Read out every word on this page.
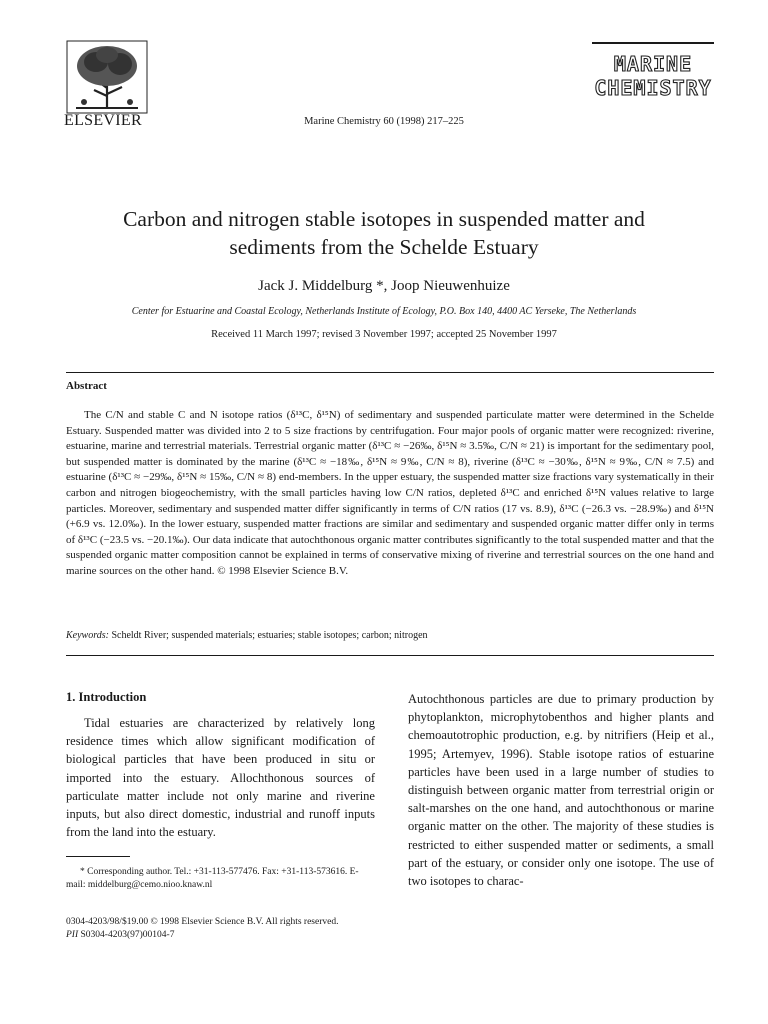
ELSEVIER	Marine Chemistry 60 (1998) 217–225
MARINE
CHEMISTRY
Carbon and nitrogen stable isotopes in suspended matter and
sediments from the Schelde Estuary
Jack J. Middelburg *, Joop Nieuwenhuize
Center for Estuarine and Coastal Ecology, Netherlands Institute of Ecology, P.O. Box 140, 4400 AC Yerseke, The Netherlands
Received 11 March 1997; revised 3 November 1997; accepted 25 November 1997
Abstract

The C/N and stable C and N isotope ratios (δ¹³C, δ¹⁵N) of sedimentary and suspended particulate matter were determined in the Schelde Estuary. Suspended matter was divided into 2 to 5 size fractions by centrifugation. Four major pools of organic matter were recognized: riverine, estuarine, marine and terrestrial materials. Terrestrial organic matter (δ¹³C ≈ −26‰, δ¹⁵N ≈ 3.5‰, C/N ≈ 21) is important for the sedimentary pool, but suspended matter is dominated by the marine (δ¹³C ≈ −18‰, δ¹⁵N ≈ 9‰, C/N ≈ 8), riverine (δ¹³C ≈ −30‰, δ¹⁵N ≈ 9‰, C/N ≈ 7.5) and estuarine (δ¹³C ≈ −29‰, δ¹⁵N ≈ 15‰, C/N ≈ 8) end-members. In the upper estuary, the suspended matter size fractions vary systematically in their carbon and nitrogen biogeochemistry, with the small particles having low C/N ratios, depleted δ¹³C and enriched δ¹⁵N values relative to large particles. Moreover, sedimentary and suspended matter differ significantly in terms of C/N ratios (17 vs. 8.9), δ¹³C (−26.3 vs. −28.9‰) and δ¹⁵N (+6.9 vs. 12.0‰). In the lower estuary, suspended matter fractions are similar and sedimentary and suspended organic matter differ only in terms of δ¹³C (−23.5 vs. −20.1‰). Our data indicate that autochthonous organic matter contributes significantly to the total suspended matter and that the suspended organic matter composition cannot be explained in terms of conservative mixing of riverine and terrestrial sources on the one hand and marine sources on the other hand. © 1998 Elsevier Science B.V.

Keywords: Scheldt River; suspended materials; estuaries; stable isotopes; carbon; nitrogen
1. Introduction

Tidal estuaries are characterized by relatively long residence times which allow significant modification of biological particles that have been produced in situ or imported into the estuary. Allochthonous sources of particulate matter include not only marine and riverine inputs, but also direct domestic, industrial and runoff inputs from the land into the estuary.

Autochthonous particles are due to primary production by phytoplankton, microphytobenthos and higher plants and chemoautotrophic production, e.g. by nitrifiers (Heip et al., 1995; Artemyev, 1996). Stable isotope ratios of estuarine particles have been used in a large number of studies to distinguish between organic matter from terrestrial origin or salt-marshes on the one hand, and autochthonous or marine organic matter on the other. The majority of these studies is restricted to either suspended matter or sediments, a small part of the estuary, or consider only one isotope. The use of two isotopes to charac-

* Corresponding author. Tel.: +31-113-577476. Fax: +31-113-573616. E-mail: middelburg@cemo.nioo.knaw.nl
0304-4203/98/$19.00 © 1998 Elsevier Science B.V. All rights reserved.
PII S0304-4203(97)00104-7
